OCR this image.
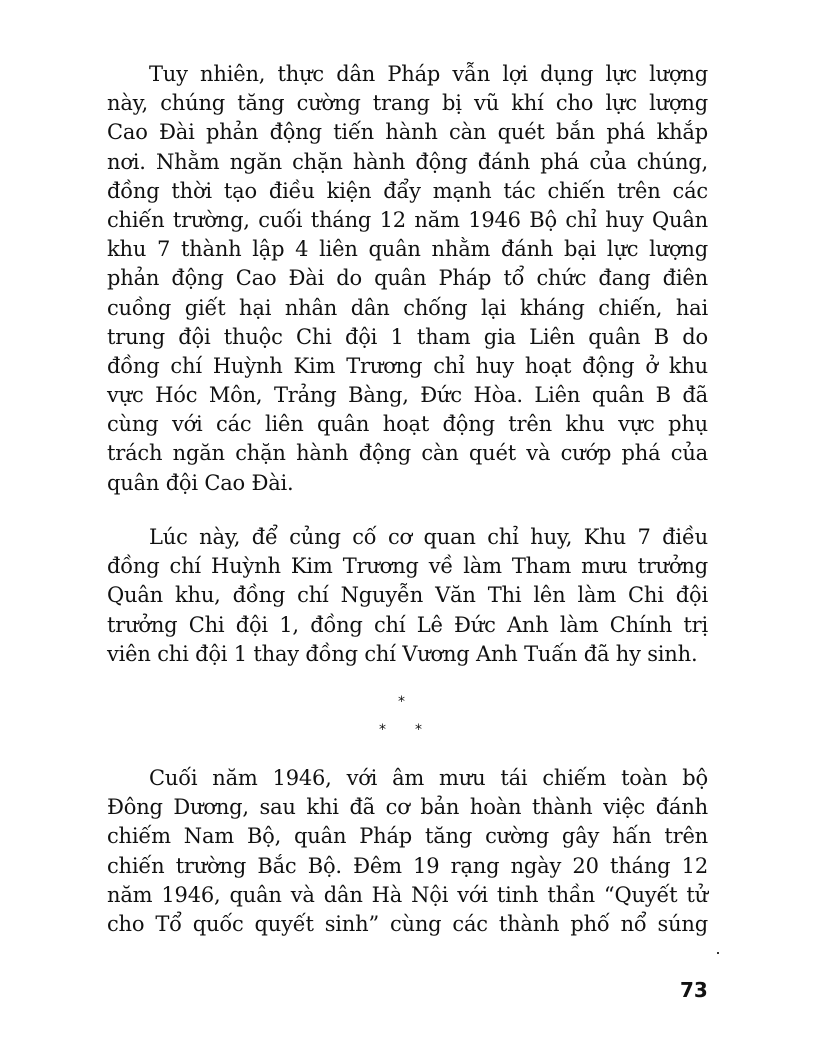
Tuy nhiên, thực dân Pháp vẫn lợi dụng lực lượng
này, chúng tăng cường trang bị vũ khí cho lực lượng
Cao Đài phản động tiến hành càn quét bắn phá khắp
nơi. Nhằm ngăn chặn hành động đánh phá của chúng,
đồng thời tạo điều kiện đẩy mạnh tác chiến trên các
chiến trường, cuối tháng 12 năm 1946 Bộ chỉ huy Quân
khu 7 thành lập 4 liên quân nhằm đánh bại lực lượng
phản động Cao Đài do quân Pháp tổ chức đang điên
cuồng giết hại nhân dân chống lại kháng chiến, hai
trung đội thuộc Chi đội 1 tham gia Liên quân B do
đồng chí Huỳnh Kim Trương chỉ huy hoạt động ở khu
vực Hóc Môn, Trảng Bàng, Đức Hòa. Liên quân B đã
cùng với các liên quân hoạt động trên khu vực phụ
trách ngăn chặn hành động càn quét và cướp phá của
quân đội Cao Đài.
Lúc này, để củng cố cơ quan chỉ huy, Khu 7 điều
đồng chí Huỳnh Kim Trương về làm Tham mưu trưởng
Quân khu, đồng chí Nguyễn Văn Thi lên làm Chi đội
trưởng Chi đội 1, đồng chí Lê Đức Anh làm Chính trị
viên chi đội 1 thay đồng chí Vương Anh Tuấn đã hy sinh.
*
* *
Cuối năm 1946, với âm mưu tái chiếm toàn bộ
Đông Dương, sau khi đã cơ bản hoàn thành việc đánh
chiếm Nam Bộ, quân Pháp tăng cường gây hấn trên
chiến trường Bắc Bộ. Đêm 19 rạng ngày 20 tháng 12
năm 1946, quân và dân Hà Nội với tinh thần “Quyết tử
cho Tổ quốc quyết sinh” cùng các thành phố nổ súng
73
